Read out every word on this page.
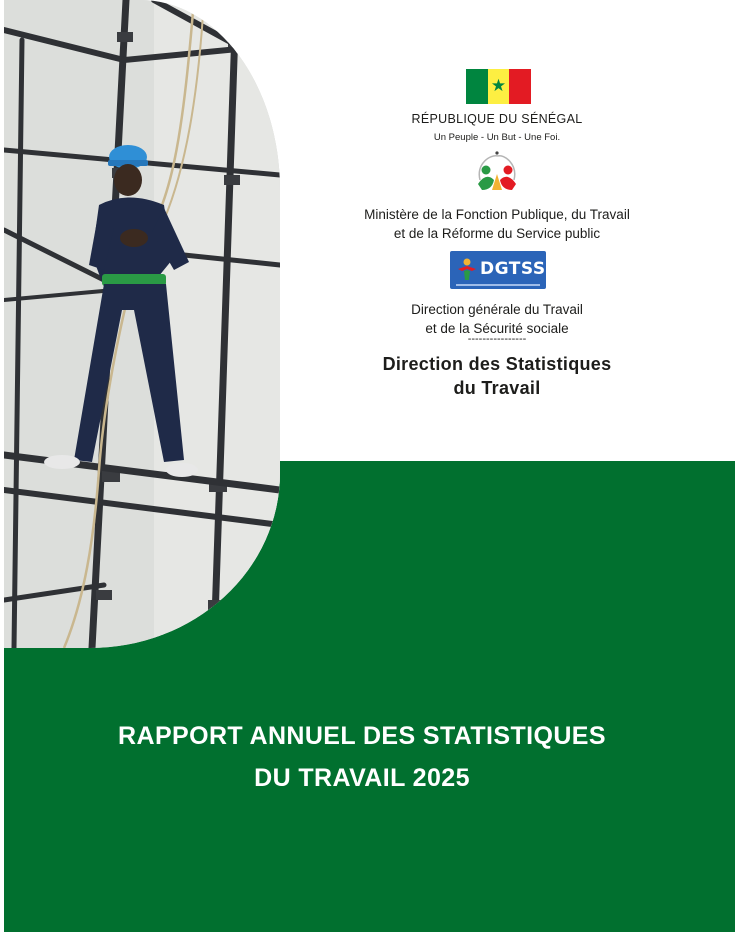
★
RÉPUBLIQUE DU SÉNÉGAL
Un Peuple - Un But - Une Foi.
Ministère de la Fonction Publique, du Travail
et de la Réforme du Service public
DGTSS
Direction générale du Travail
et de la Sécurité sociale
----------------
Direction des Statistiques
du Travail
RAPPORT ANNUEL DES STATISTIQUES
DU TRAVAIL 2025
